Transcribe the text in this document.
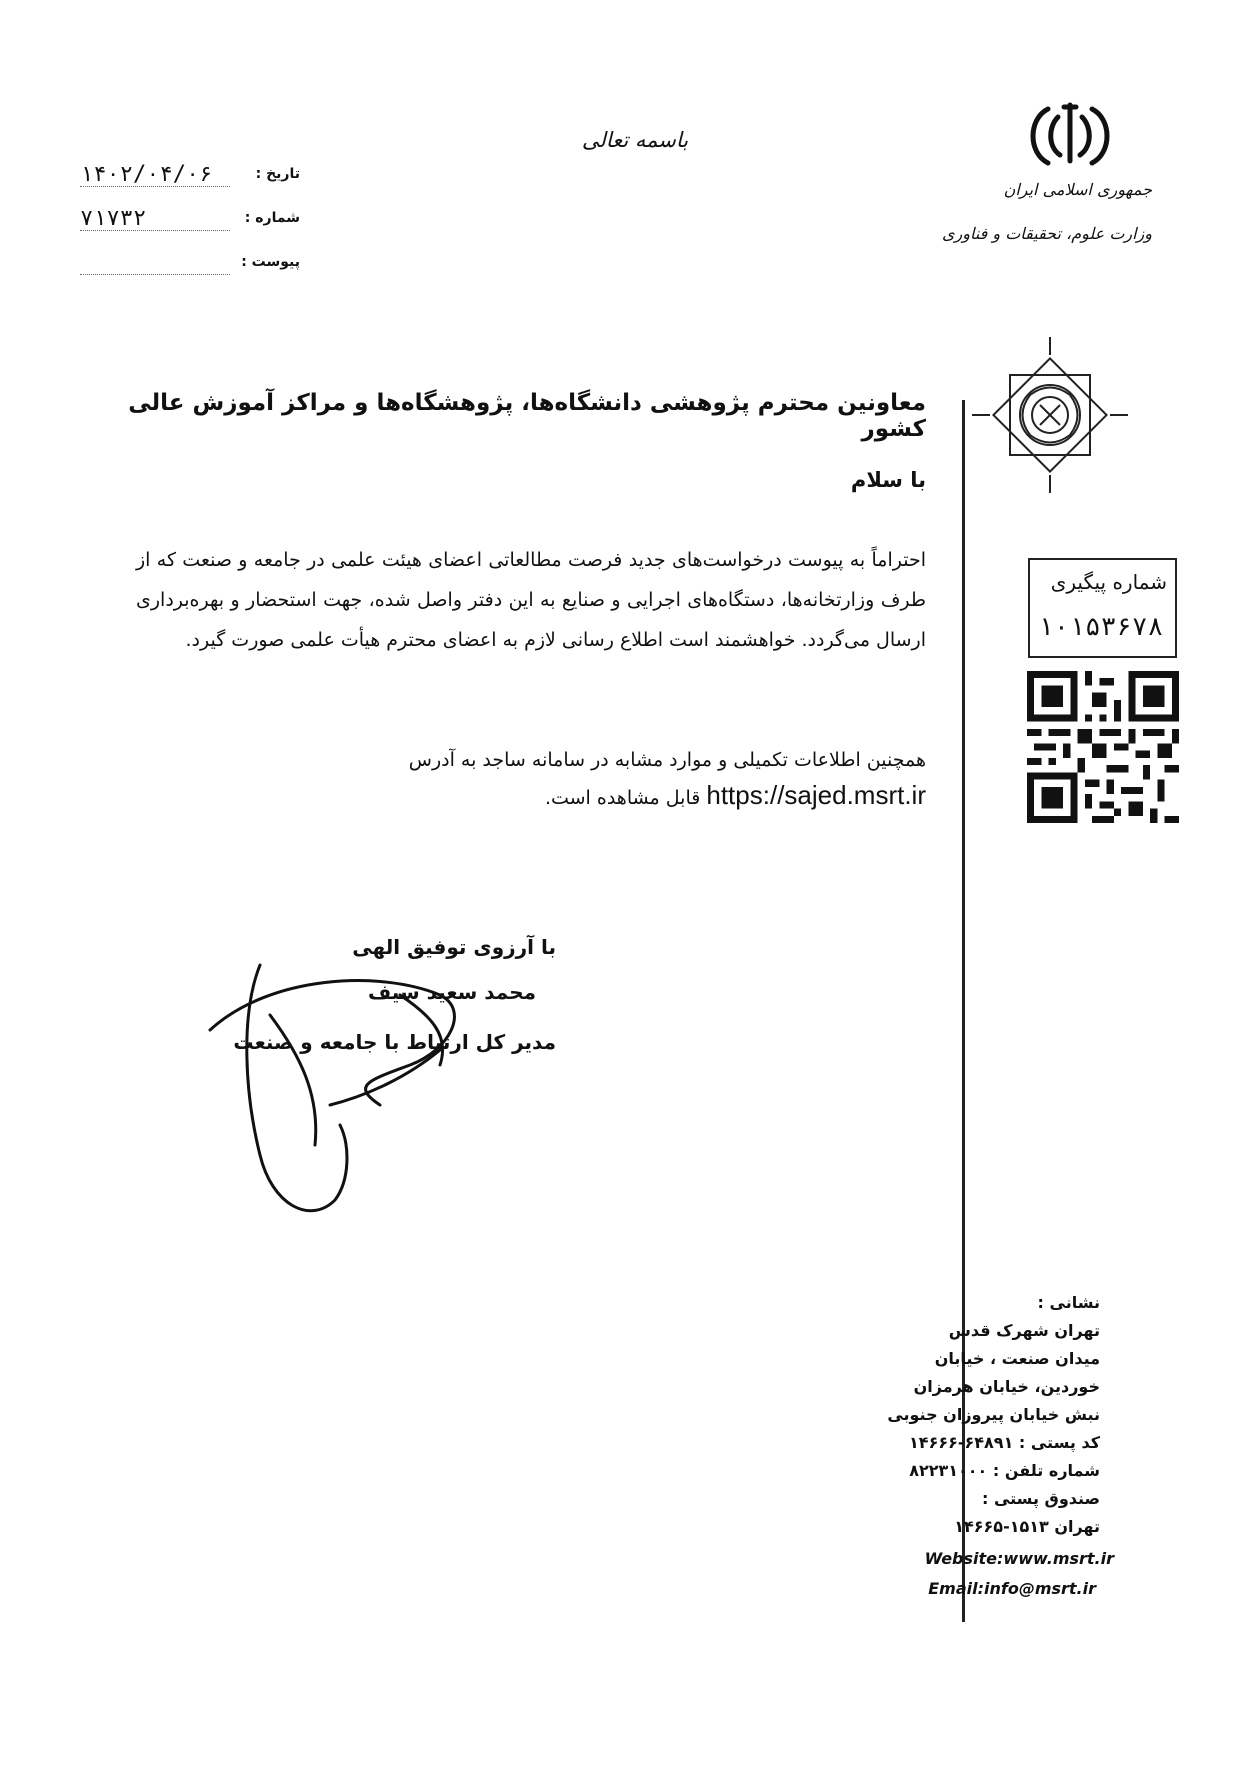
باسمه تعالی
تاریخ :
۱۴۰۲/۰۴/۰۶
شماره :
۷۱۷۳۲
پیوست :
جمهوری اسلامی ایران
وزارت علوم، تحقیقات و فناوری
شماره پیگیری
۱۰۱۵۳۶۷۸
معاونین محترم پژوهشی دانشگاه‌ها، پژوهشگاه‌ها و مراکز آموزش عالی کشور
با سلام
احتراماً به پیوست درخواست‌های جدید فرصت مطالعاتی اعضای هیئت علمی در جامعه و صنعت که از طرف وزارتخانه‌ها، دستگاه‌های اجرایی و صنایع به این دفتر واصل شده، جهت استحضار و بهره‌برداری ارسال می‌گردد. خواهشمند است اطلاع رسانی لازم به اعضای محترم هیأت علمی صورت گیرد.
همچنین اطلاعات تکمیلی و موارد مشابه در سامانه ساجد به آدرس
https://sajed.msrt.ir قابل مشاهده است.
با آرزوی توفیق الهی
محمد سعید سیف
مدیر کل ارتباط با جامعه و صنعت
نشانی :
تهران شهرک قدس
میدان صنعت ، خیابان
خوردین، خیابان هرمزان
نبش خیابان پیروزان جنوبی
کد پستی : ۶۴۸۹۱-۱۴۶۶۶
شماره تلفن : ۸۲۲۳۱۰۰۰
صندوق پستی :
تهران ۱۵۱۳-۱۴۶۶۵
Website:www.msrt.ir
Email:info@msrt.ir
